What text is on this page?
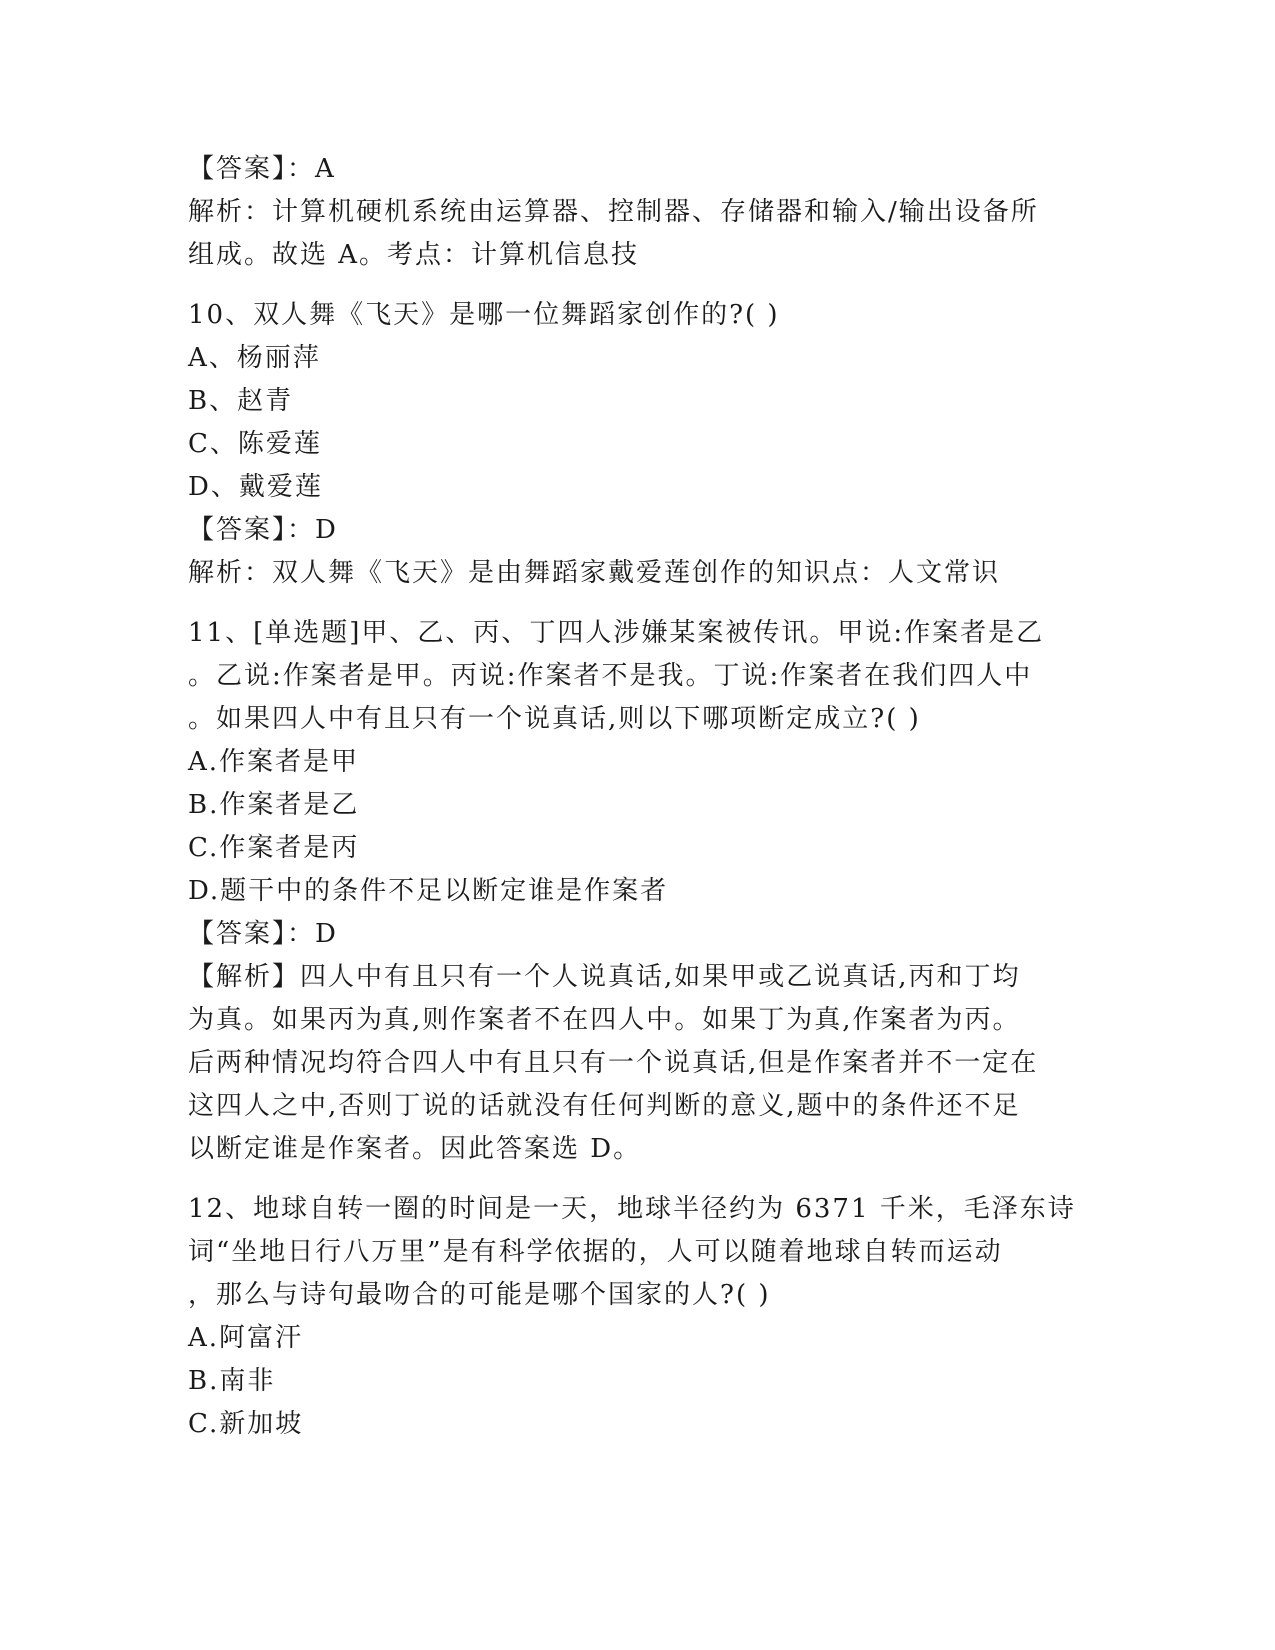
【答案】：A
解析：计算机硬机系统由运算器、控制器、存储器和输入/输出设备所
组成。故选 A。考点：计算机信息技
10、双人舞《飞天》是哪一位舞蹈家创作的?( )
A、杨丽萍
B、赵青
C、陈爱莲
D、戴爱莲
【答案】：D
解析：双人舞《飞天》是由舞蹈家戴爱莲创作的知识点：人文常识
11、[单选题]甲、乙、丙、丁四人涉嫌某案被传讯。甲说:作案者是乙
。乙说:作案者是甲。丙说:作案者不是我。丁说:作案者在我们四人中
。如果四人中有且只有一个说真话,则以下哪项断定成立?( )
A.作案者是甲
B.作案者是乙
C.作案者是丙
D.题干中的条件不足以断定谁是作案者
【答案】：D
【解析】四人中有且只有一个人说真话,如果甲或乙说真话,丙和丁均
为真。如果丙为真,则作案者不在四人中。如果丁为真,作案者为丙。
后两种情况均符合四人中有且只有一个说真话,但是作案者并不一定在
这四人之中,否则丁说的话就没有任何判断的意义,题中的条件还不足
以断定谁是作案者。因此答案选 D。
12、地球自转一圈的时间是一天，地球半径约为 6371 千米，毛泽东诗
词“坐地日行八万里”是有科学依据的，人可以随着地球自转而运动
，那么与诗句最吻合的可能是哪个国家的人?( )
A.阿富汗
B.南非
C.新加坡
